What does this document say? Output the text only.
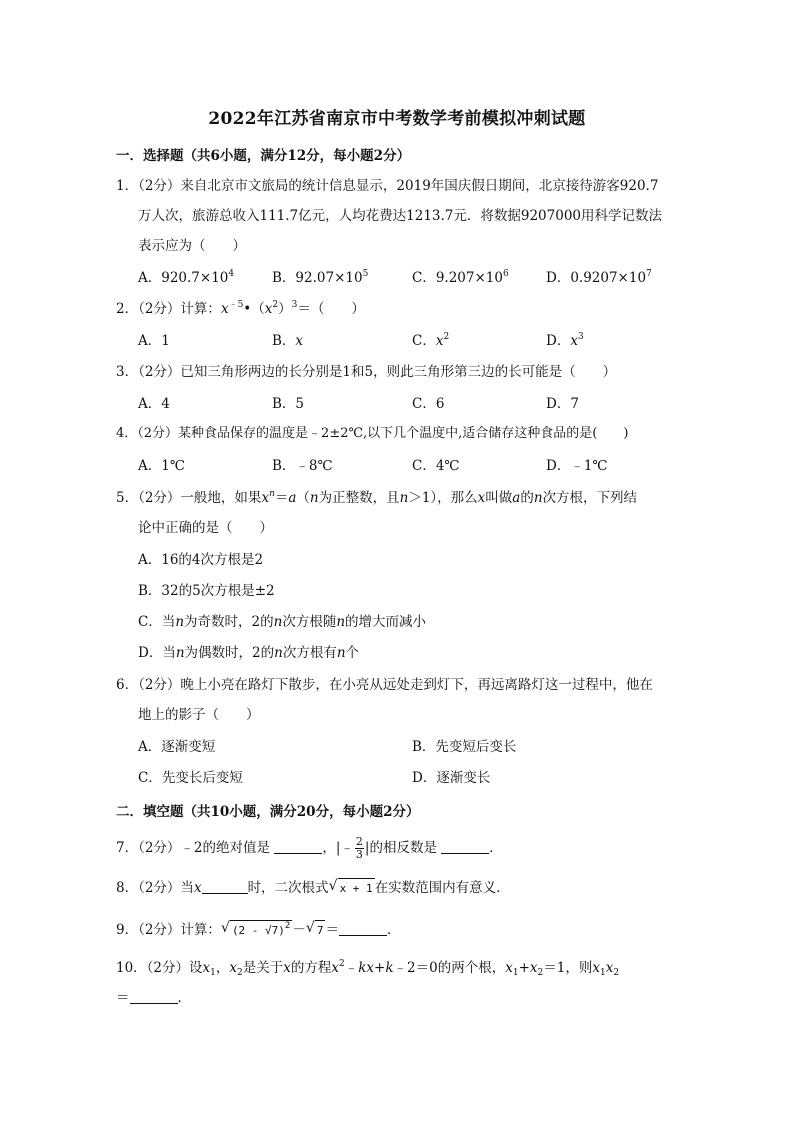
2022年江苏省南京市中考数学考前模拟冲刺试题
一．选择题（共6小题，满分12分，每小题2分）
1．（2分）来自北京市文旅局的统计信息显示，2019年国庆假日期间，北京接待游客920.7
万人次，旅游总收入111.7亿元，人均花费达1213.7元．将数据9207000用科学记数法
表示应为（　　）
A．$920.7\times 10^4$	B．$92.07\times 10^5$	C．$9.207\times 10^6$	D．$0.9207\times 10^7$
2．（2分）计算：$x^{﹣5}•(x^2)^3=$（　　）
A．1	B．x	C．$x^2$	D．$x^3$
3．（2分）已知三角形两边的长分别是1和5，则此三角形第三边的长可能是（　　）
A．4	B．5	C．6	D．7
4．（2分）某种食品保存的温度是﹣2±2℃,以下几个温度中,适合储存这种食品的是(　　)
A．1℃	B．﹣8℃	C．4℃	D．﹣1℃
5．（2分）一般地，如果$x^n=a(n$为正整数，且n＞1），那么x叫做a的n次方根，下列结
论中正确的是（　　）
A．16的4次方根是2
B．32的5次方根是±2
C．当n为奇数时，2的n次方根随n的增大而减小
D．当n为偶数时，2的n次方根有n个
6．（2分）晚上小亮在路灯下散步，在小亮从远处走到灯下，再远离路灯这一过程中，他在
地上的影子（　　）
A．逐渐变短	B．先变短后变长
C．先变长后变短	D．逐渐变长
二．填空题（共10小题，满分20分，每小题2分）
7．（2分）﹣2的绝对值是	，|﹣ $\frac{2}{3}$ |的相反数是	．
8．（2分）当x	时，二次根式 √ x + 1 在实数范围内有意义．
9．（2分）计算： √ (2 - √7)$^2$ － √ 7 ＝	．
10．（2分）设$x_1$，$x_2$是关于x的方程$x^2﹣kx+k﹣2=0$的两个根，$x_1+x_2=1$，则$x_1x_2$
＝	．
